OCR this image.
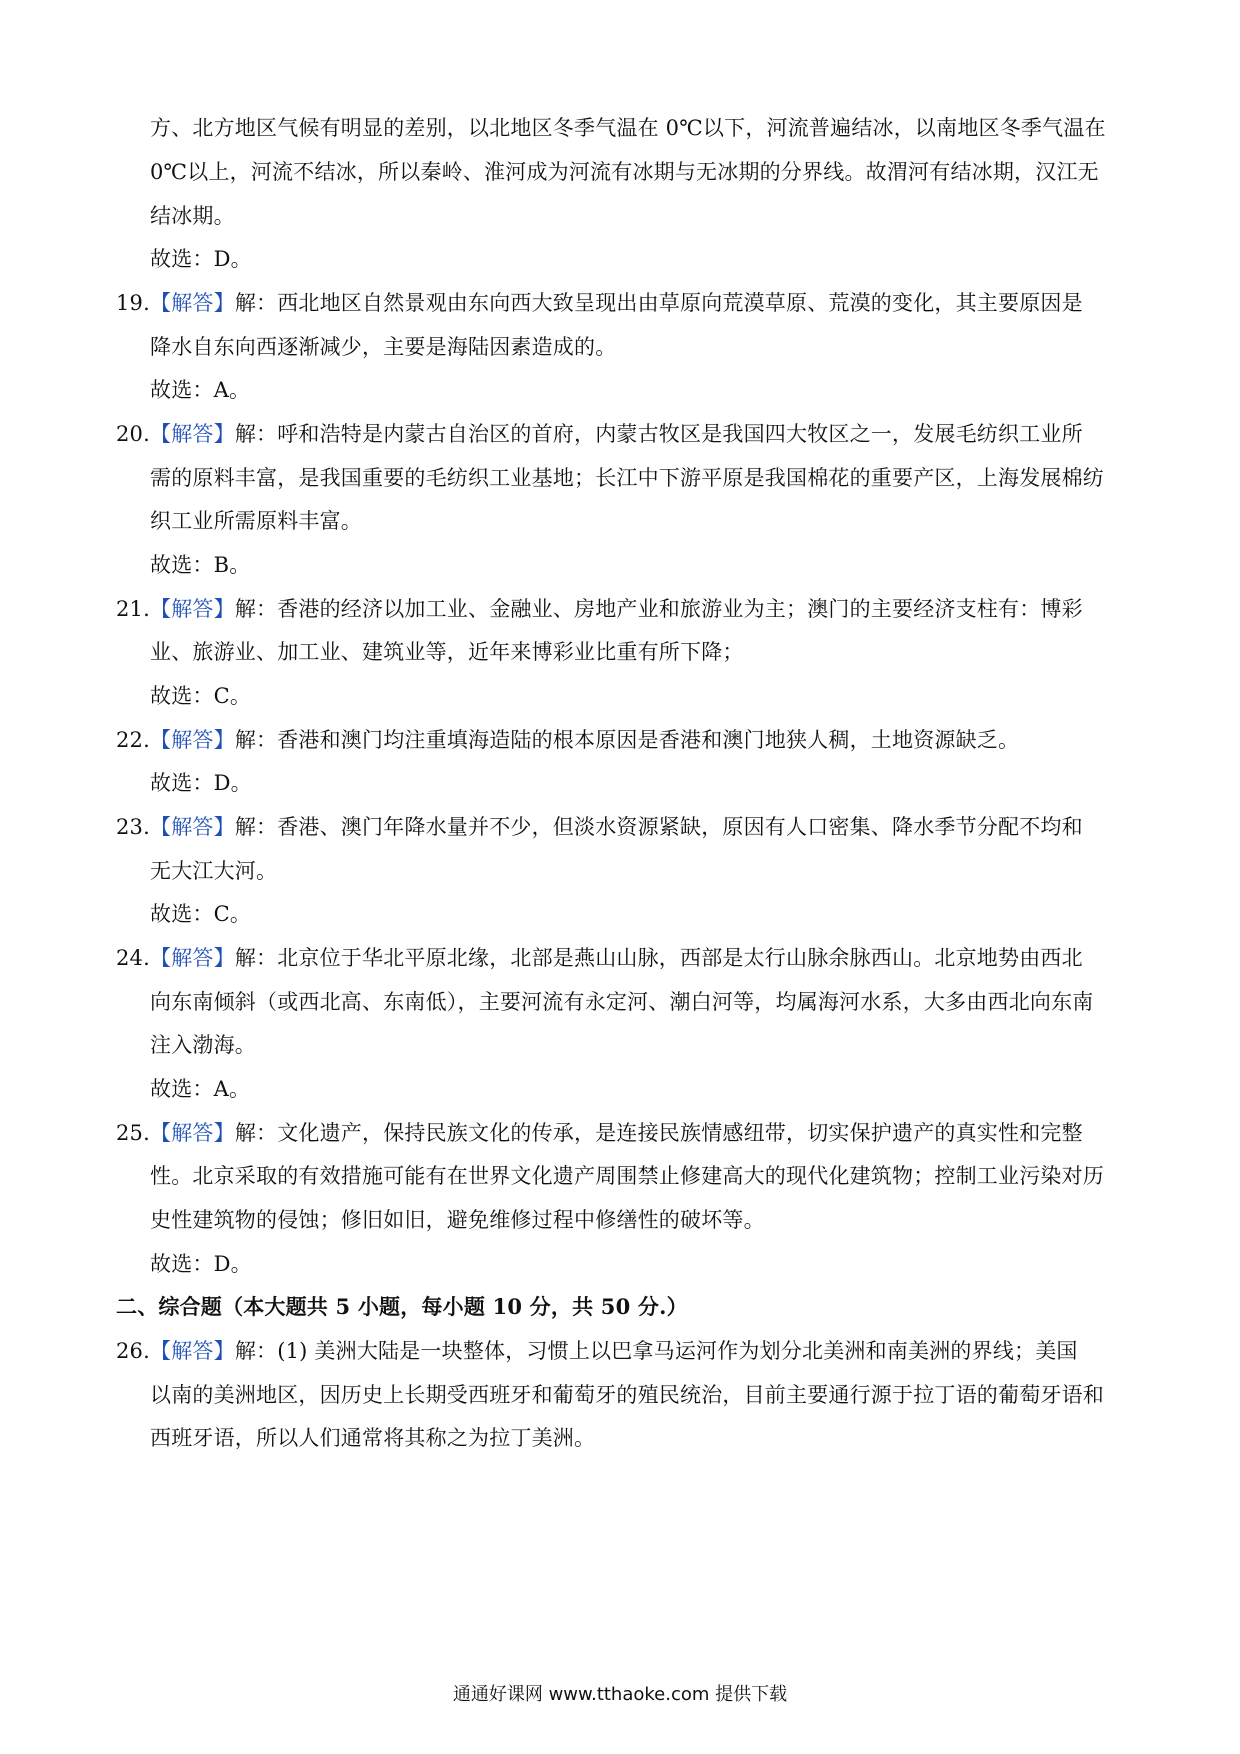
方、北方地区气候有明显的差别，以北地区冬季气温在 0℃以下，河流普遍结冰，以南地区冬季气温在
0℃以上，河流不结冰，所以秦岭、淮河成为河流有冰期与无冰期的分界线。故渭河有结冰期，汉江无
结冰期。
故选：D。
19.【解答】解：西北地区自然景观由东向西大致呈现出由草原向荒漠草原、荒漠的变化，其主要原因是
降水自东向西逐渐减少，主要是海陆因素造成的。
故选：A。
20.【解答】解：呼和浩特是内蒙古自治区的首府，内蒙古牧区是我国四大牧区之一，发展毛纺织工业所
需的原料丰富，是我国重要的毛纺织工业基地；长江中下游平原是我国棉花的重要产区，上海发展棉纺
织工业所需原料丰富。
故选：B。
21.【解答】解：香港的经济以加工业、金融业、房地产业和旅游业为主；澳门的主要经济支柱有：博彩
业、旅游业、加工业、建筑业等，近年来博彩业比重有所下降；
故选：C。
22.【解答】解：香港和澳门均注重填海造陆的根本原因是香港和澳门地狭人稠，土地资源缺乏。
故选：D。
23.【解答】解：香港、澳门年降水量并不少，但淡水资源紧缺，原因有人口密集、降水季节分配不均和
无大江大河。
故选：C。
24.【解答】解：北京位于华北平原北缘，北部是燕山山脉，西部是太行山脉余脉西山。北京地势由西北
向东南倾斜（或西北高、东南低），主要河流有永定河、潮白河等，均属海河水系，大多由西北向东南
注入渤海。
故选：A。
25.【解答】解：文化遗产，保持民族文化的传承，是连接民族情感纽带，切实保护遗产的真实性和完整
性。北京采取的有效措施可能有在世界文化遗产周围禁止修建高大的现代化建筑物；控制工业污染对历
史性建筑物的侵蚀；修旧如旧，避免维修过程中修缮性的破坏等。
故选：D。
二、综合题（本大题共 5 小题，每小题 10 分，共 50 分.）
26.【解答】解：(1) 美洲大陆是一块整体，习惯上以巴拿马运河作为划分北美洲和南美洲的界线；美国
以南的美洲地区，因历史上长期受西班牙和葡萄牙的殖民统治，目前主要通行源于拉丁语的葡萄牙语和
西班牙语，所以人们通常将其称之为拉丁美洲。
通通好课网 www.tthaoke.com 提供下载
